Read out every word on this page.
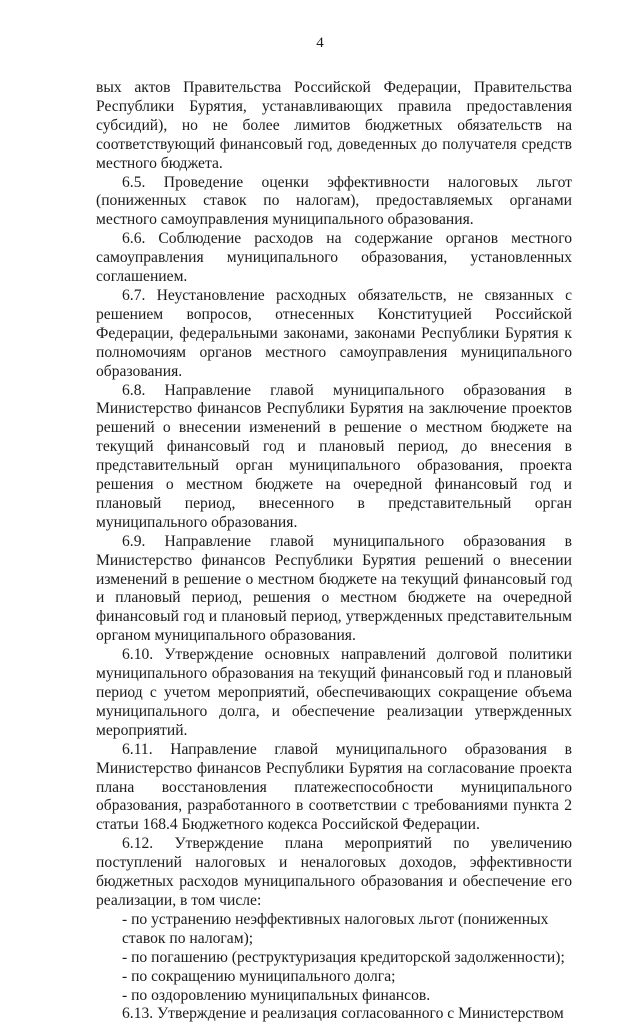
4

вых актов Правительства Российской Федерации, Правительства Республики Бурятия, устанавливающих правила предоставления субсидий), но не более лимитов бюджетных обязательств на соответствующий финансовый год, доведенных до получателя средств местного бюджета.

6.5. Проведение оценки эффективности налоговых льгот (пониженных ставок по налогам), предоставляемых органами местного самоуправления муниципального образования.

6.6. Соблюдение расходов на содержание органов местного самоуправления муниципального образования, установленных соглашением.

6.7. Неустановление расходных обязательств, не связанных с решением вопросов, отнесенных Конституцией Российской Федерации, федеральными законами, законами Республики Бурятия к полномочиям органов местного самоуправления муниципального образования.

6.8. Направление главой муниципального образования в Министерство финансов Республики Бурятия на заключение проектов решений о внесении изменений в решение о местном бюджете на текущий финансовый год и плановый период, до внесения в представительный орган муниципального образования, проекта решения о местном бюджете на очередной финансовый год и плановый период, внесенного в представительный орган муниципального образования.

6.9. Направление главой муниципального образования в Министерство финансов Республики Бурятия решений о внесении изменений в решение о местном бюджете на текущий финансовый год и плановый период, решения о местном бюджете на очередной финансовый год и плановый период, утвержденных представительным органом муниципального образования.

6.10. Утверждение основных направлений долговой политики муниципального образования на текущий финансовый год и плановый период с учетом мероприятий, обеспечивающих сокращение объема муниципального долга, и обеспечение реализации утвержденных мероприятий.

6.11. Направление главой муниципального образования в Министерство финансов Республики Бурятия на согласование проекта плана восстановления платежеспособности муниципального образования, разработанного в соответствии с требованиями пункта 2 статьи 168.4 Бюджетного кодекса Российской Федерации.

6.12. Утверждение плана мероприятий по увеличению поступлений налоговых и неналоговых доходов, эффективности бюджетных расходов муниципального образования и обеспечение его реализации, в том числе:

- по устранению неэффективных налоговых льгот (пониженных ставок по налогам);

- по погашению (реструктуризация кредиторской задолженности);

- по сокращению муниципального долга;

- по оздоровлению муниципальных финансов.

6.13. Утверждение и реализация согласованного с Министерством
